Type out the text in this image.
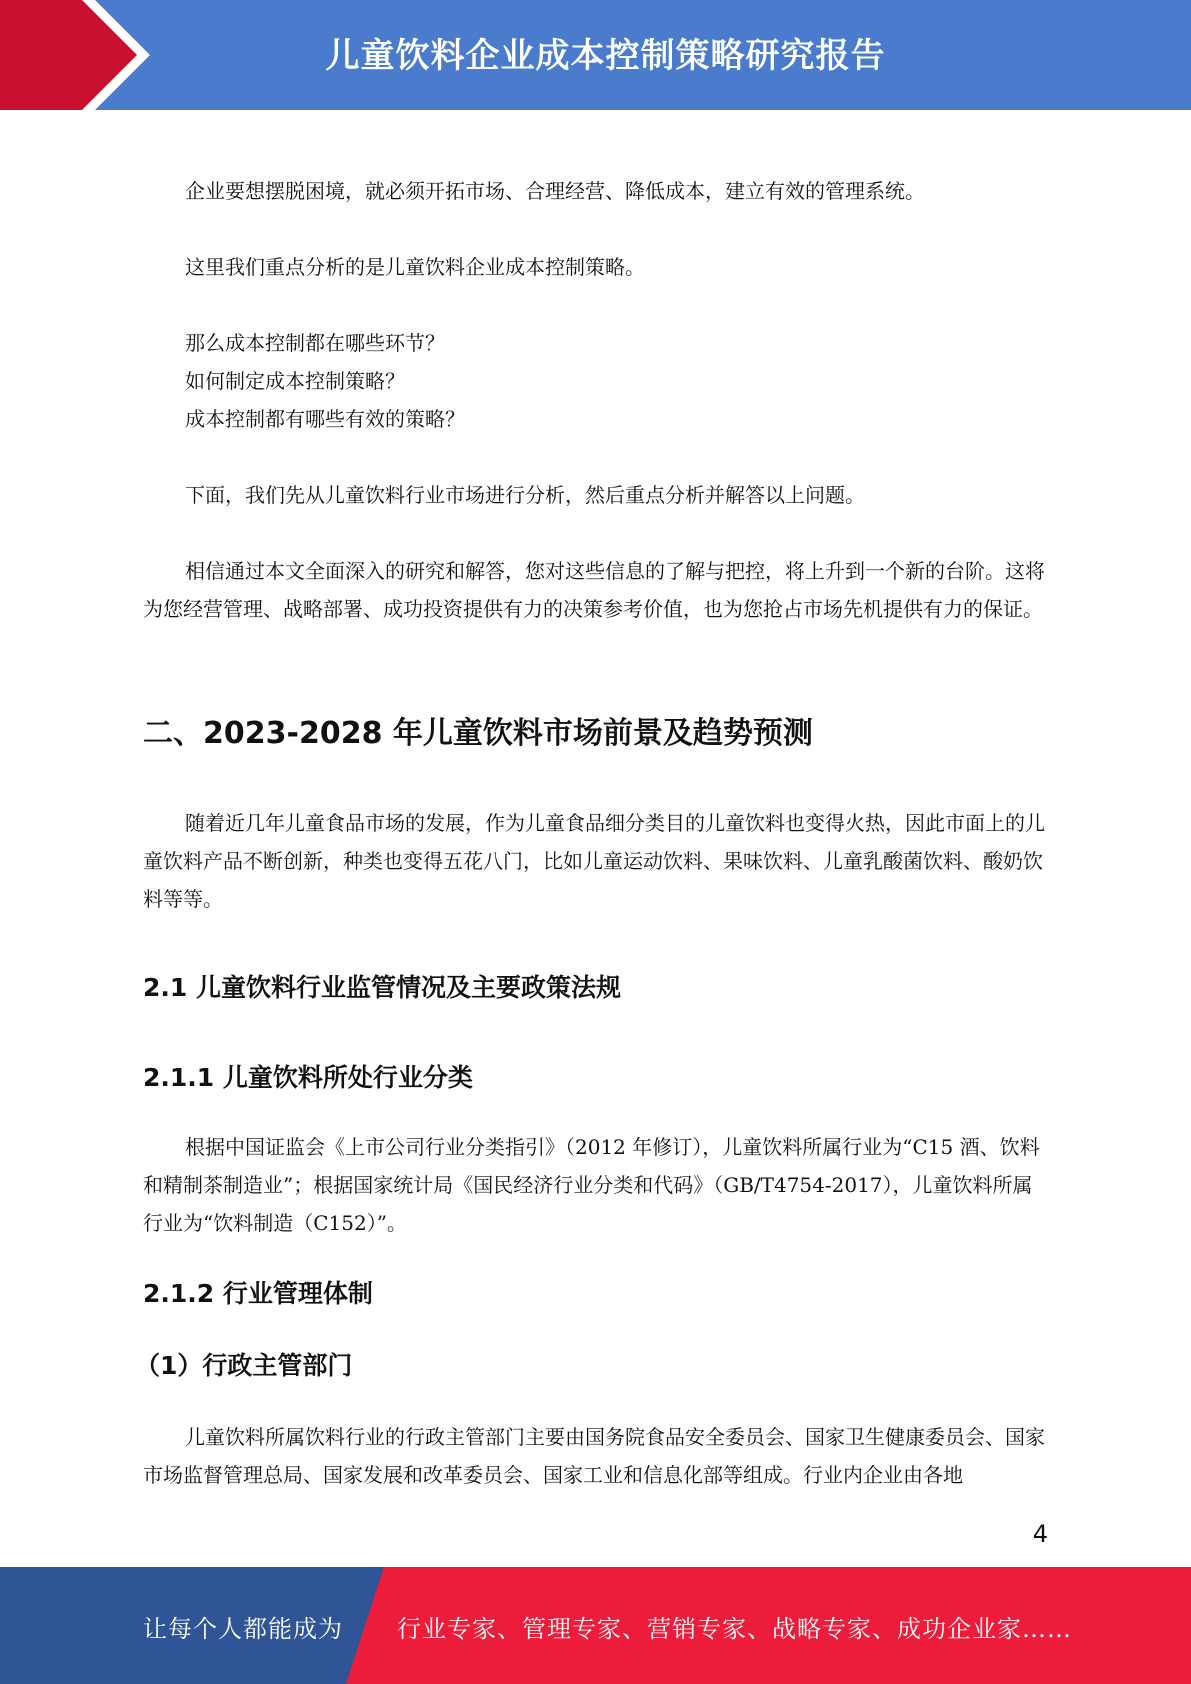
儿童饮料企业成本控制策略研究报告

企业要想摆脱困境，就必须开拓市场、合理经营、降低成本，建立有效的管理系统。

这里我们重点分析的是儿童饮料企业成本控制策略。

那么成本控制都在哪些环节？

如何制定成本控制策略？

成本控制都有哪些有效的策略？

下面，我们先从儿童饮料行业市场进行分析，然后重点分析并解答以上问题。

相信通过本文全面深入的研究和解答，您对这些信息的了解与把控，将上升到一个新的台阶。这将为您经营管理、战略部署、成功投资提供有力的决策参考价值，也为您抢占市场先机提供有力的保证。

二、2023-2028 年儿童饮料市场前景及趋势预测

随着近几年儿童食品市场的发展，作为儿童食品细分类目的儿童饮料也变得火热，因此市面上的儿童饮料产品不断创新，种类也变得五花八门，比如儿童运动饮料、果味饮料、儿童乳酸菌饮料、酸奶饮料等等。

2.1 儿童饮料行业监管情况及主要政策法规
2.1.1 儿童饮料所处行业分类

根据中国证监会《上市公司行业分类指引》（2012 年修订），儿童饮料所属行业为“C15 酒、饮料和精制茶制造业”；根据国家统计局《国民经济行业分类和代码》（GB/T4754-2017），儿童饮料所属行业为“饮料制造（C152）”。

2.1.2 行业管理体制
（1）行政主管部门

儿童饮料所属饮料行业的行政主管部门主要由国务院食品安全委员会、国家卫生健康委员会、国家市场监督管理总局、国家发展和改革委员会、国家工业和信息化部等组成。行业内企业由各地

4
让每个人都能成为 行业专家、管理专家、营销专家、战略专家、成功企业家……
